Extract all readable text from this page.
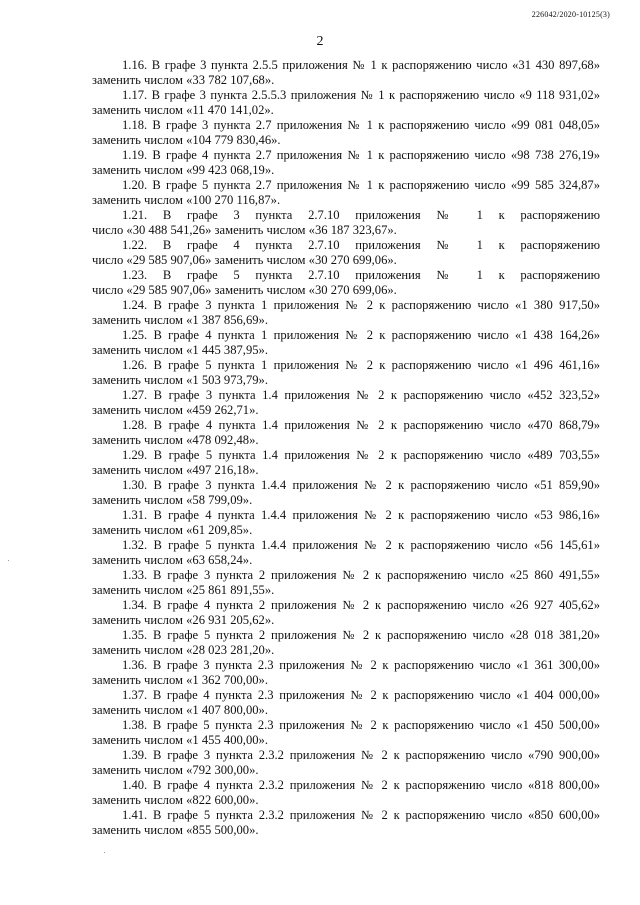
226042/2020-10125(3)
2

1.16. В графе 3 пункта 2.5.5 приложения № 1 к распоряжению число «31 430 897,68»
заменить числом «33 782 107,68».

1.17. В графе 3 пункта 2.5.5.3 приложения № 1 к распоряжению число «9 118 931,02»
заменить числом «11 470 141,02».

1.18. В графе 3 пункта 2.7 приложения № 1 к распоряжению число «99 081 048,05»
заменить числом «104 779 830,46».

1.19. В графе 4 пункта 2.7 приложения № 1 к распоряжению число «98 738 276,19»
заменить числом «99 423 068,19».

1.20. В графе 5 пункта 2.7 приложения № 1 к распоряжению число «99 585 324,87»
заменить числом «100 270 116,87».

1.21. В графе 3 пункта 2.7.10 приложения № 1 к распоряжению
число «30 488 541,26» заменить числом «36 187 323,67».

1.22. В графе 4 пункта 2.7.10 приложения № 1 к распоряжению
число «29 585 907,06» заменить числом «30 270 699,06».

1.23. В графе 5 пункта 2.7.10 приложения № 1 к распоряжению
число «29 585 907,06» заменить числом «30 270 699,06».

1.24. В графе 3 пункта 1 приложения № 2 к распоряжению число «1 380 917,50»
заменить числом «1 387 856,69».

1.25. В графе 4 пункта 1 приложения № 2 к распоряжению число «1 438 164,26»
заменить числом «1 445 387,95».

1.26. В графе 5 пункта 1 приложения № 2 к распоряжению число «1 496 461,16»
заменить числом «1 503 973,79».

1.27. В графе 3 пункта 1.4 приложения № 2 к распоряжению число «452 323,52»
заменить числом «459 262,71».

1.28. В графе 4 пункта 1.4 приложения № 2 к распоряжению число «470 868,79»
заменить числом «478 092,48».

1.29. В графе 5 пункта 1.4 приложения № 2 к распоряжению число «489 703,55»
заменить числом «497 216,18».

1.30. В графе 3 пункта 1.4.4 приложения № 2 к распоряжению число «51 859,90»
заменить числом «58 799,09».

1.31. В графе 4 пункта 1.4.4 приложения № 2 к распоряжению число «53 986,16»
заменить числом «61 209,85».

1.32. В графе 5 пункта 1.4.4 приложения № 2 к распоряжению число «56 145,61»
заменить числом «63 658,24».

1.33. В графе 3 пункта 2 приложения № 2 к распоряжению число «25 860 491,55»
заменить числом «25 861 891,55».

1.34. В графе 4 пункта 2 приложения № 2 к распоряжению число «26 927 405,62»
заменить числом «26 931 205,62».

1.35. В графе 5 пункта 2 приложения № 2 к распоряжению число «28 018 381,20»
заменить числом «28 023 281,20».

1.36. В графе 3 пункта 2.3 приложения № 2 к распоряжению число «1 361 300,00»
заменить числом «1 362 700,00».

1.37. В графе 4 пункта 2.3 приложения № 2 к распоряжению число «1 404 000,00»
заменить числом «1 407 800,00».

1.38. В графе 5 пункта 2.3 приложения № 2 к распоряжению число «1 450 500,00»
заменить числом «1 455 400,00».

1.39. В графе 3 пункта 2.3.2 приложения № 2 к распоряжению число «790 900,00»
заменить числом «792 300,00».

1.40. В графе 4 пункта 2.3.2 приложения № 2 к распоряжению число «818 800,00»
заменить числом «822 600,00».

1.41. В графе 5 пункта 2.3.2 приложения № 2 к распоряжению число «850 600,00»
заменить числом «855 500,00».
